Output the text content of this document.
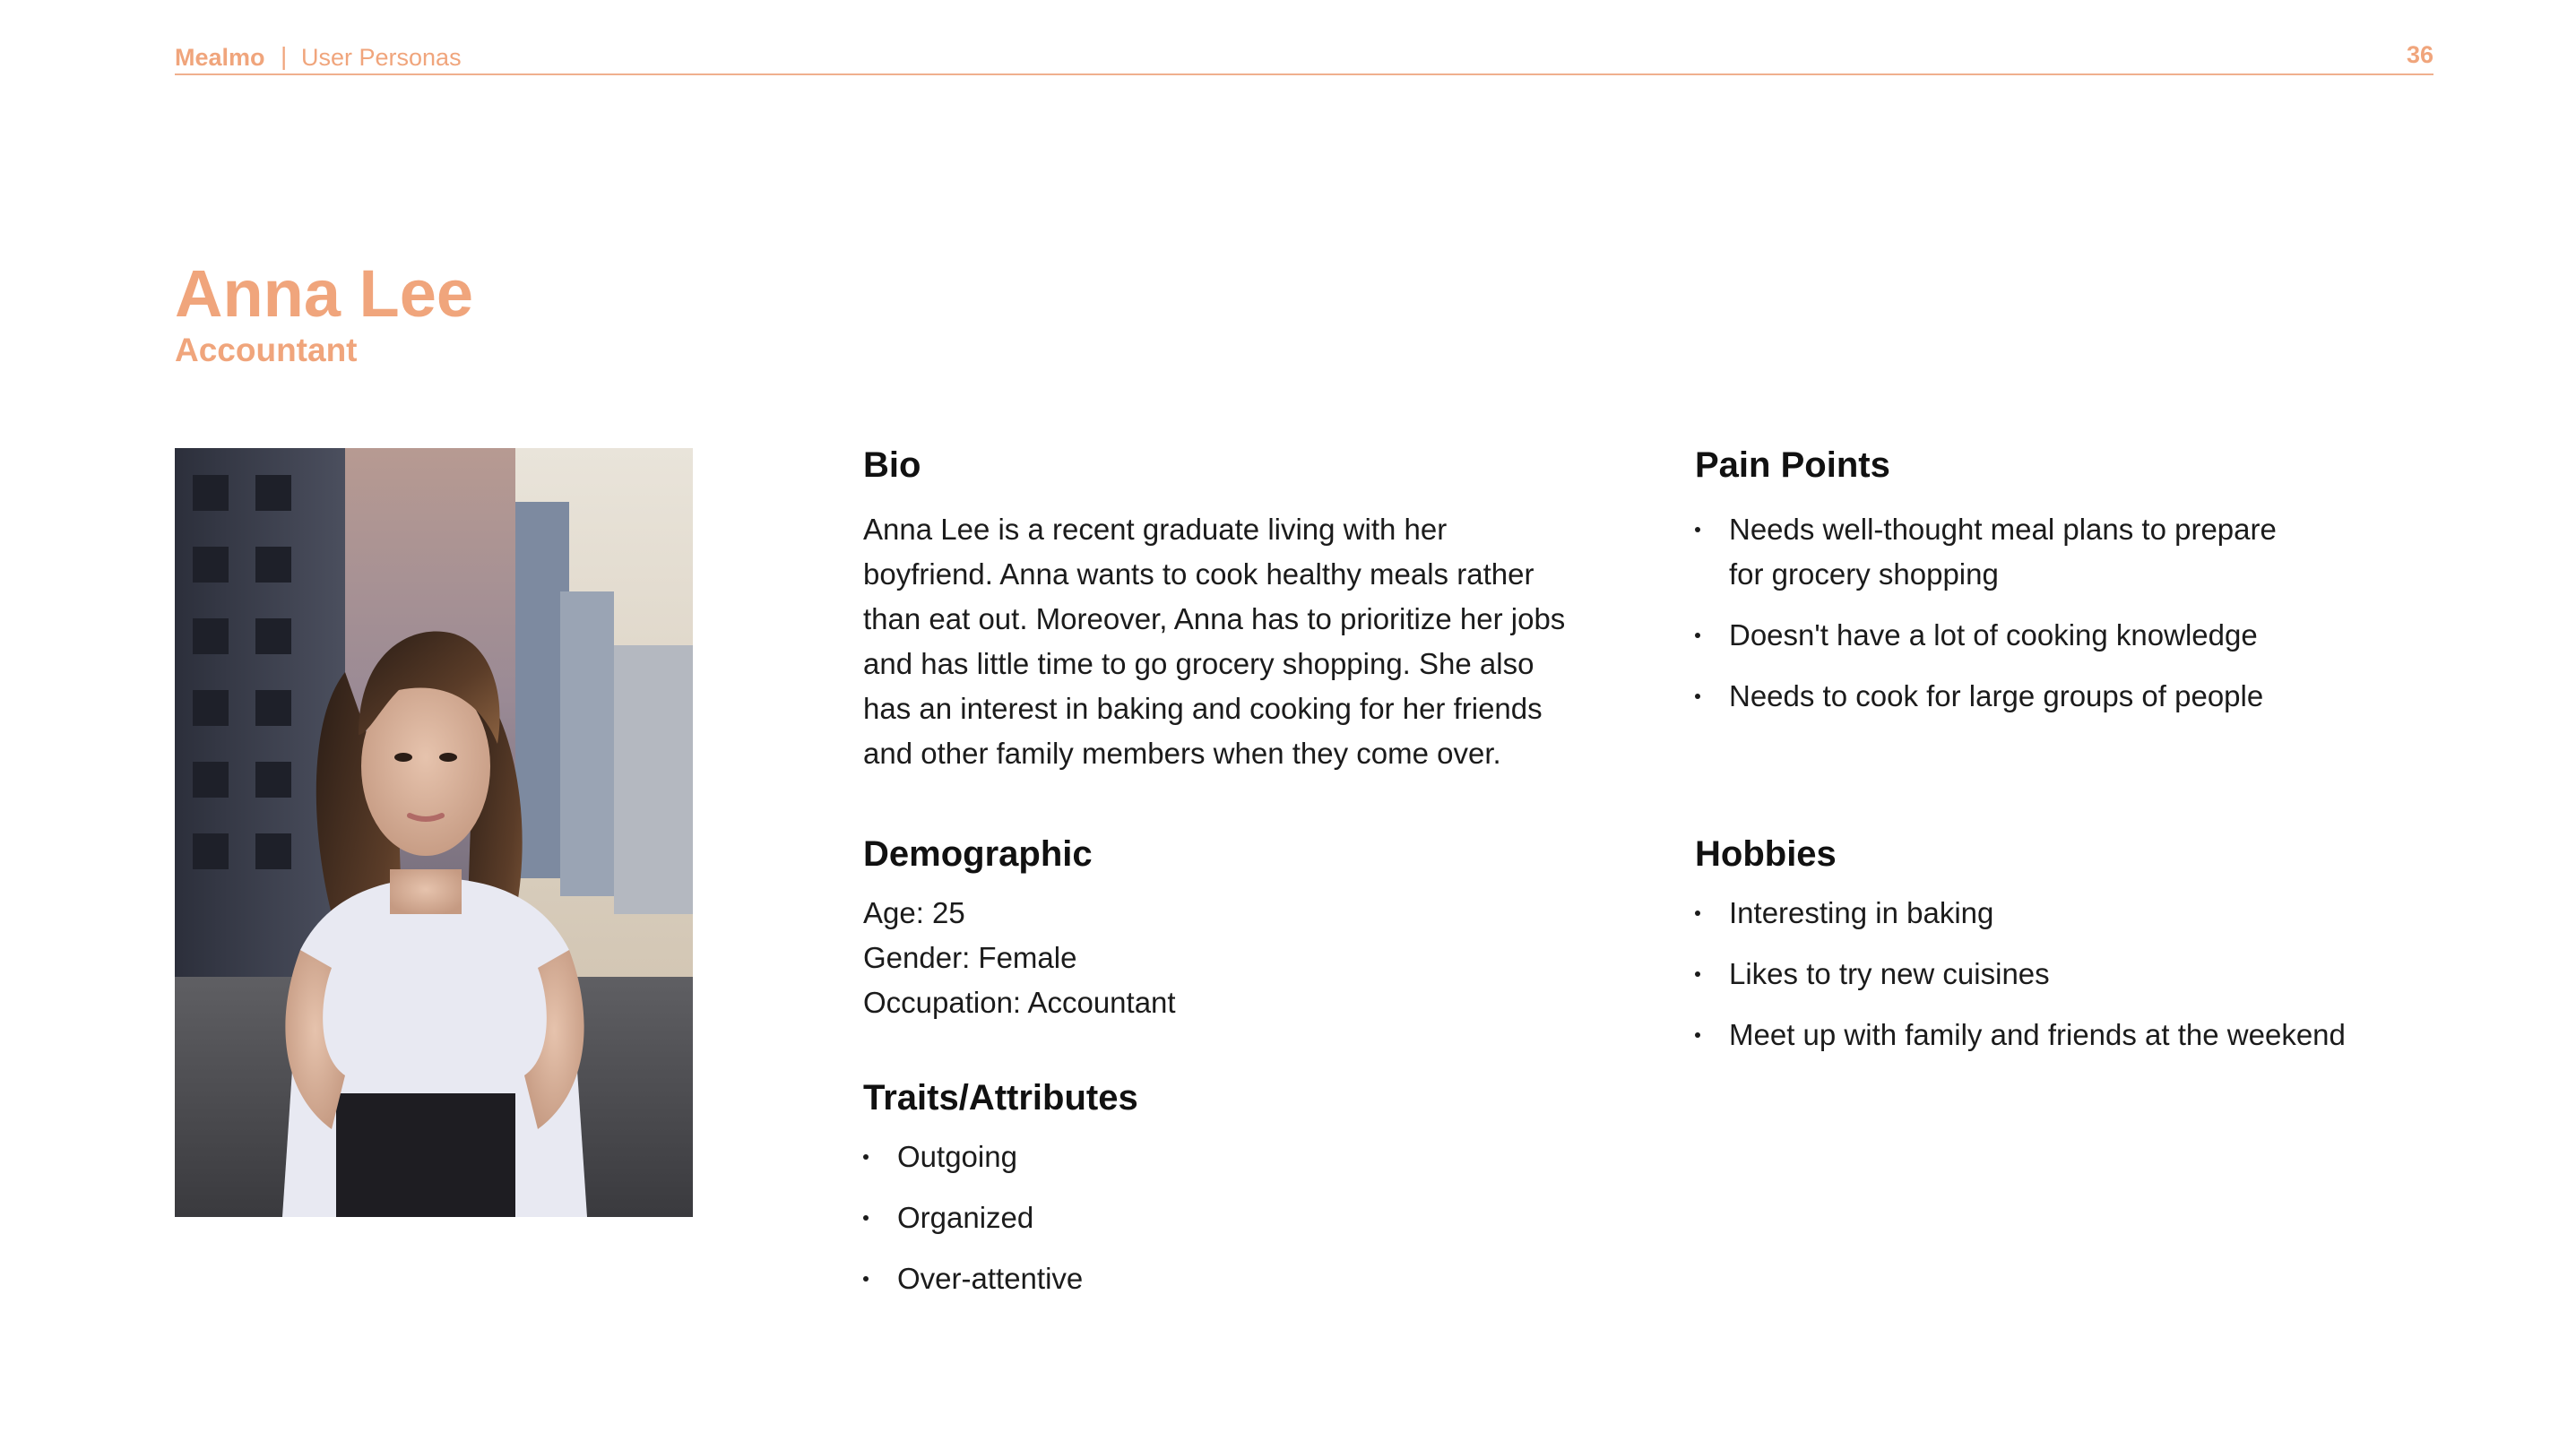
Mealmo | User Personas	36
Anna Lee
Accountant
Bio

Anna Lee is a recent graduate living with her
boyfriend. Anna wants to cook healthy meals rather
than eat out. Moreover, Anna has to prioritize her jobs
and has little time to go grocery shopping. She also
has an interest in baking and cooking for her friends
and other family members when they come over.

Demographic
Age: 25
Gender: Female
Occupation: Accountant
Traits/Attributes
Outgoing
Organized
Over-attentive
Pain Points
Needs well-thought meal plans to prepare
for grocery shopping
Doesn't have a lot of cooking knowledge
Needs to cook for large groups of people
Hobbies
Interesting in baking
Likes to try new cuisines
Meet up with family and friends at the weekend
